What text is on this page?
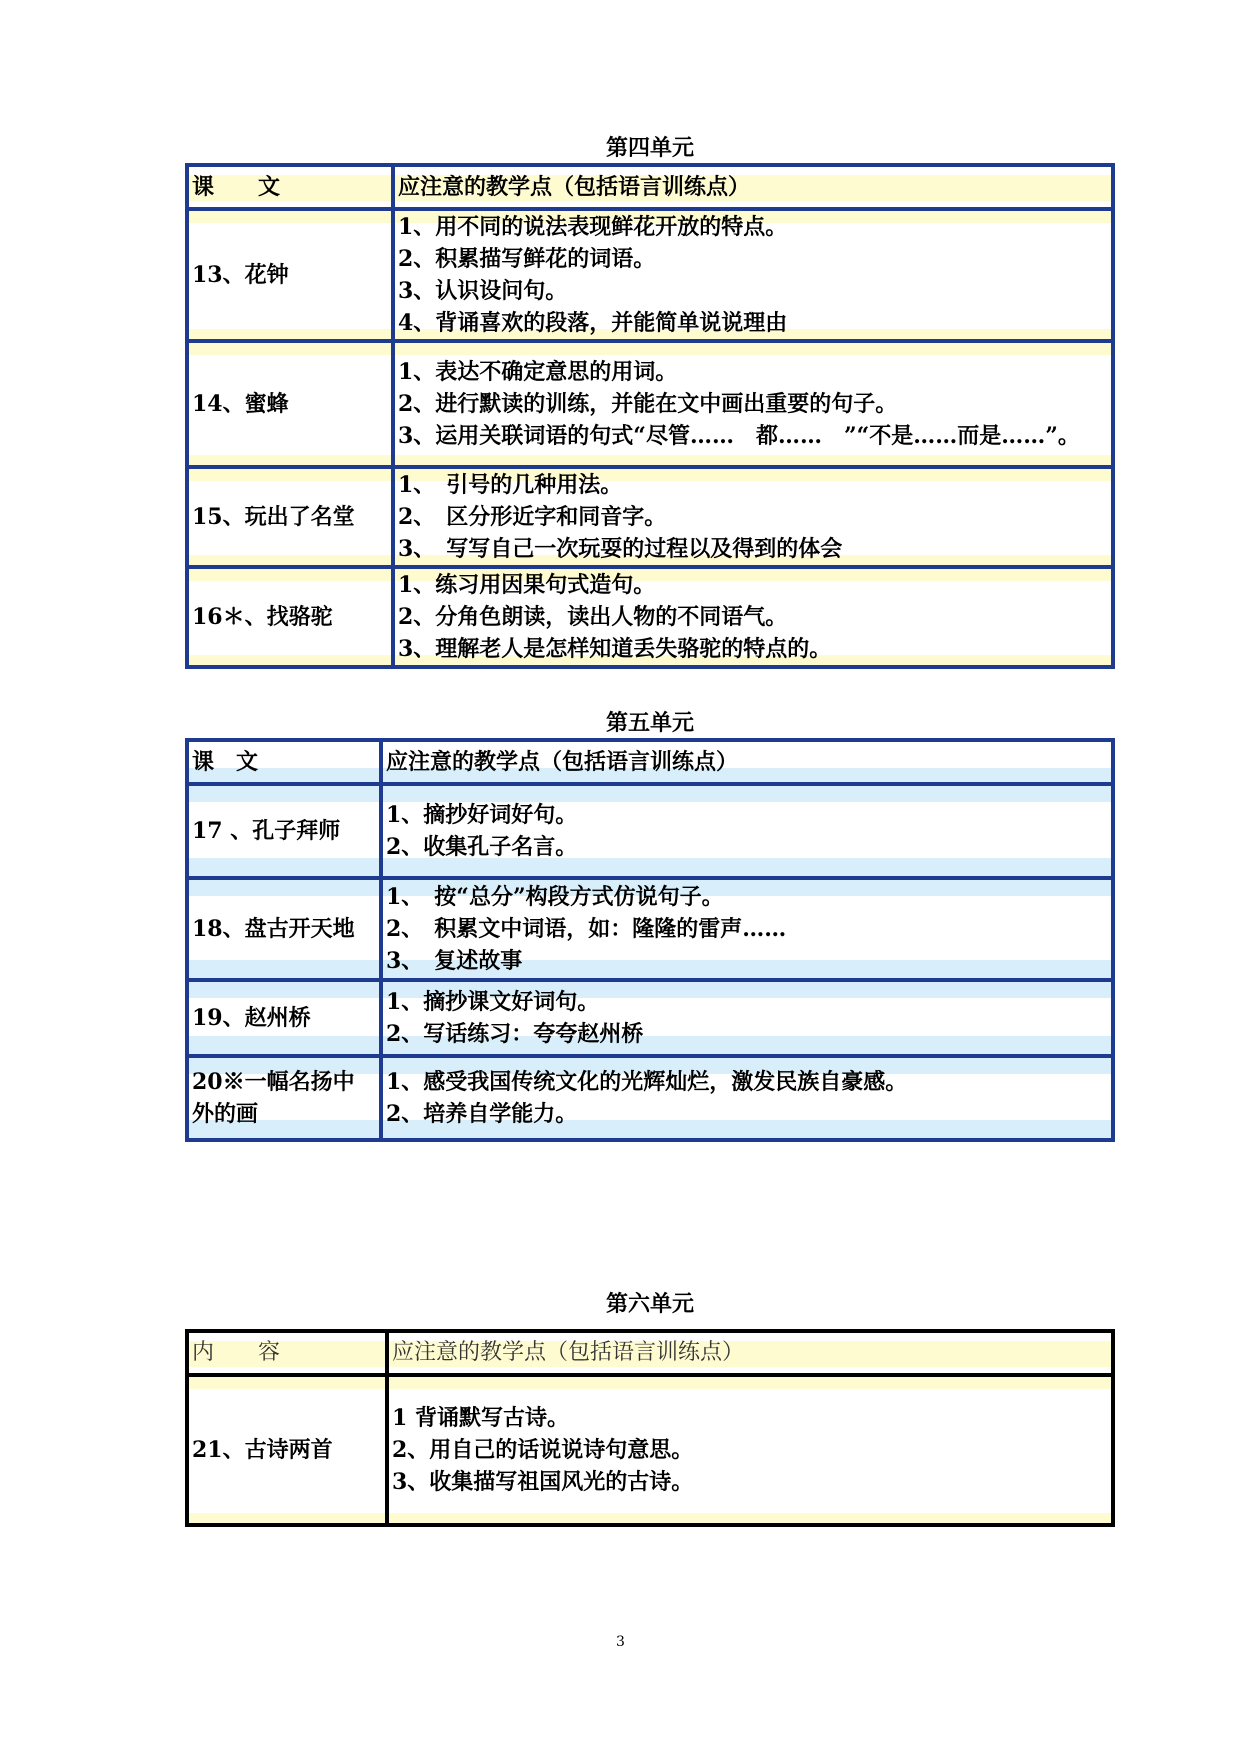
第四单元
课　　文	应注意的教学点（包括语言训练点）
13、花钟	1、用不同的说法表现鲜花开放的特点。
2、积累描写鲜花的词语。
3、认识设问句。
4、背诵喜欢的段落，并能简单说说理由

14、蜜蜂	1、表达不确定意思的用词。
2、进行默读的训练，并能在文中画出重要的句子。
3、运用关联词语的句式“尽管……　都……　”“不是……而是……”。

15、玩出了名堂	1、　引号的几种用法。
2、　区分形近字和同音字。
3、　写写自己一次玩耍的过程以及得到的体会

16＊、找骆驼	1、练习用因果句式造句。
2、分角色朗读，读出人物的不同语气。
3、理解老人是怎样知道丢失骆驼的特点的。
第五单元
课　文	应注意的教学点（包括语言训练点）
17 、孔子拜师	1、摘抄好词好句。
2、收集孔子名言。

18、盘古开天地	1、　按“总分”构段方式仿说句子。
2、　积累文中词语，如：隆隆的雷声……
3、　复述故事

19、赵州桥	1、摘抄课文好词句。
2、写话练习：夸夸赵州桥

20※一幅名扬中外的画	1、感受我国传统文化的光辉灿烂，激发民族自豪感。
2、培养自学能力。
第六单元
内　　容	应注意的教学点（包括语言训练点）
21、古诗两首	1 背诵默写古诗。
2、用自己的话说说诗句意思。
3、收集描写祖国风光的古诗。
3
